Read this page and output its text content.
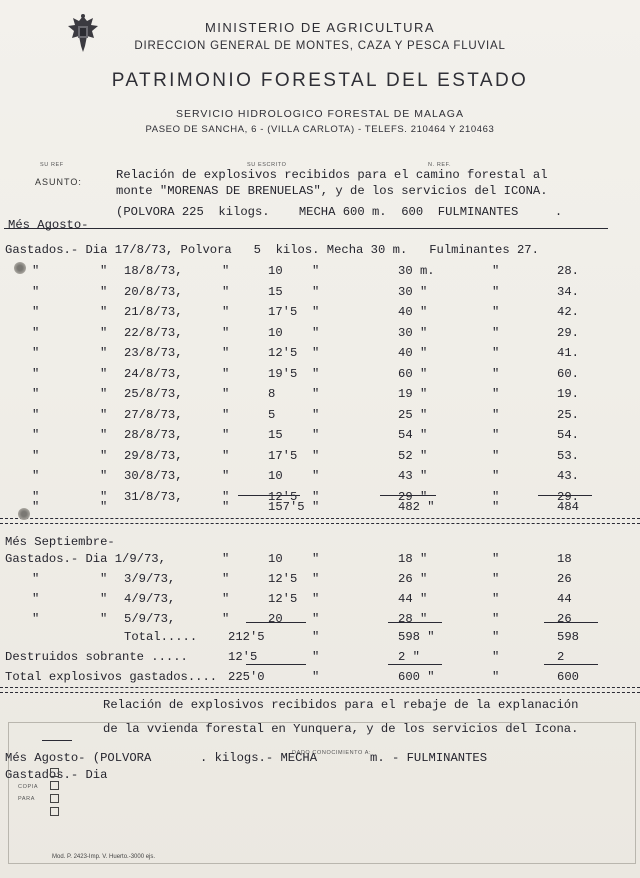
MINISTERIO DE AGRICULTURA
DIRECCION GENERAL DE MONTES, CAZA Y PESCA FLUVIAL
PATRIMONIO FORESTAL DEL ESTADO
SERVICIO HIDROLOGICO FORESTAL DE MALAGA
PASEO DE SANCHA, 6 - (VILLA CARLOTA) - TELEFS. 210464 Y 210463
SU REF	SU ESCRITO	N. REF.
ASUNTO:	Relación de explosivos recibidos para el camino forestal al
monte "MORENAS DE BRENUELAS", y de los servicios del ICONA.
(POLVORA 225  kilogs.    MECHA 600 m.  600  FULMINANTES     .
Més Agosto-
Gastados.- Dia 17/8/73, Polvora   5  kilos. Mecha 30 m.   Fulminantes 27.
"	" 18/8/73,	"	10 "	30 m.	"	28.
"	" 20/8/73,	"	15 "	30 "	"	34.
"	" 21/8/73,	"	17'5 "	40 "	"	42.
"	" 22/8/73,	"	10 "	30 "	"	29.
"	" 23/8/73,	"	12'5 "	40 "	"	41.
"	" 24/8/73,	"	19'5 "	60 "	"	60.
"	" 25/8/73,	"	8	"	19 "	"	19.
"	" 27/8/73,	"	5	"	25 "	"	25.
"	" 28/8/73,	"	15 "	54 "	"	54.
"	" 29/8/73,	"	17'5 "	52 "	"	53.
"	" 30/8/73,	"	10 "	43 "	"	43.
"	" 31/8/73,	"	12'5 "	29 "	"	29.
"	"	"	157'5 "	482 "	"	484
Més Septiembre-
Gastados.- Dia 1/9/73,	"	10 "	18 "	"	18
"	" 3/9/73,	"	12'5 "	26 "	"	26
"	" 4/9/73,	"	12'5 "	44 "	"	44
"	" 5/9/73,	"	20 "	28 "	"	26
Total.....	212'5	"	598 "	"	598
Destruidos sobrante .....	12'5	"	2 "	"	2
Total explosivos gastados.... 225'0	"	600 "	"	600
Relación de explosivos recibidos para el rebaje de la explanación
de la vvienda forestal en Yunquera, y de los servicios del Icona.
DADO CONOCIMIENTO A:
Més Agosto- (POLVORA	. kilogs.- MECHA	m. - FULMINANTES
Gastados.- Dia
COPIA
PARA
Mod. P. 2423-Imp. V. Huerto.-3000 ejs.
